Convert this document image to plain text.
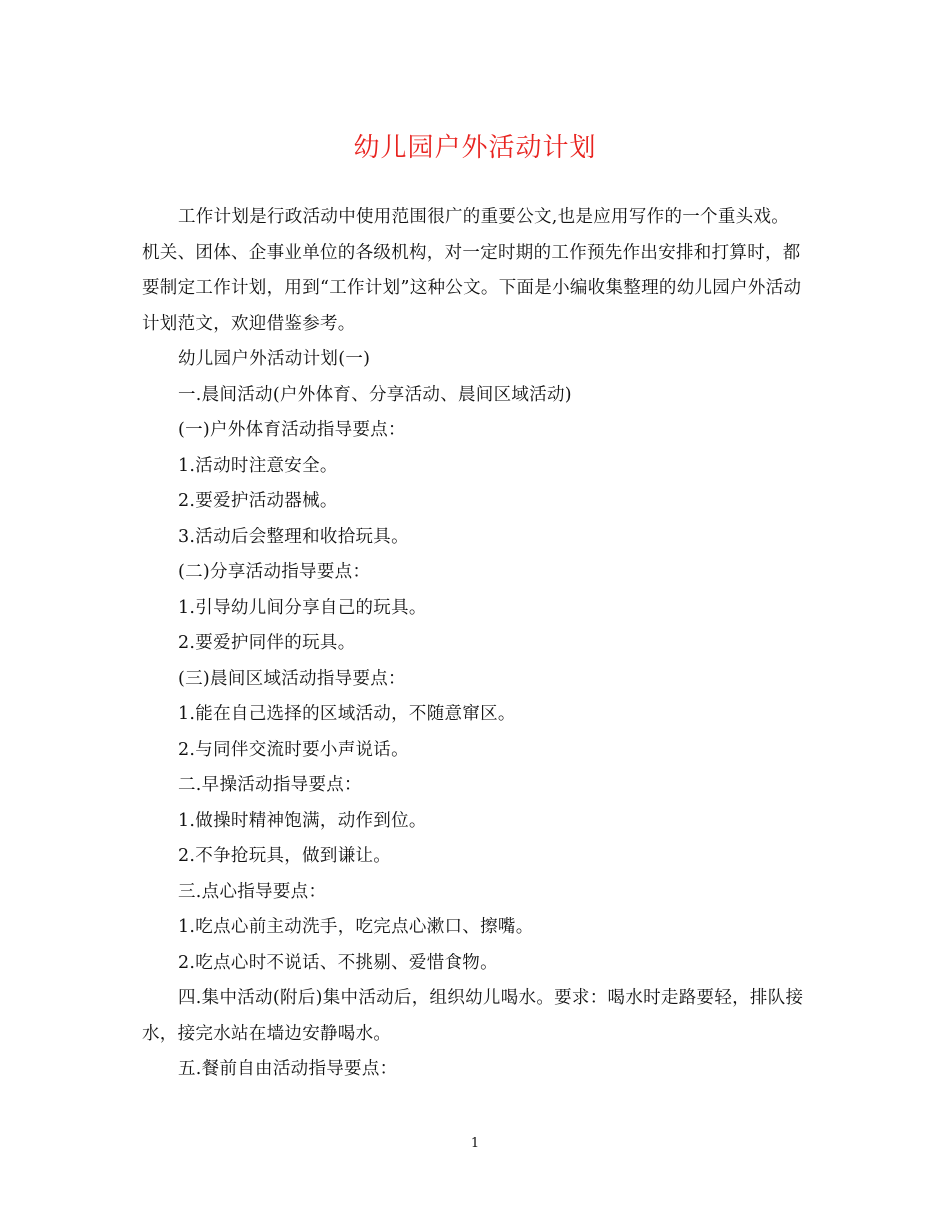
幼儿园户外活动计划

工作计划是行政活动中使用范围很广的重要公文,也是应用写作的一个重头戏。机关、团体、企事业单位的各级机构，对一定时期的工作预先作出安排和打算时，都要制定工作计划，用到“工作计划”这种公文。下面是小编收集整理的幼儿园户外活动计划范文，欢迎借鉴参考。

幼儿园户外活动计划(一)

一.晨间活动(户外体育、分享活动、晨间区域活动)

(一)户外体育活动指导要点：

1.活动时注意安全。

2.要爱护活动器械。

3.活动后会整理和收拾玩具。

(二)分享活动指导要点：

1.引导幼儿间分享自己的玩具。

2.要爱护同伴的玩具。

(三)晨间区域活动指导要点：

1.能在自己选择的区域活动，不随意窜区。

2.与同伴交流时要小声说话。

二.早操活动指导要点：

1.做操时精神饱满，动作到位。

2.不争抢玩具，做到谦让。

三.点心指导要点：

1.吃点心前主动洗手，吃完点心漱口、擦嘴。

2.吃点心时不说话、不挑剔、爱惜食物。

四.集中活动(附后)集中活动后，组织幼儿喝水。要求：喝水时走路要轻，排队接水，接完水站在墙边安静喝水。

五.餐前自由活动指导要点：

1
